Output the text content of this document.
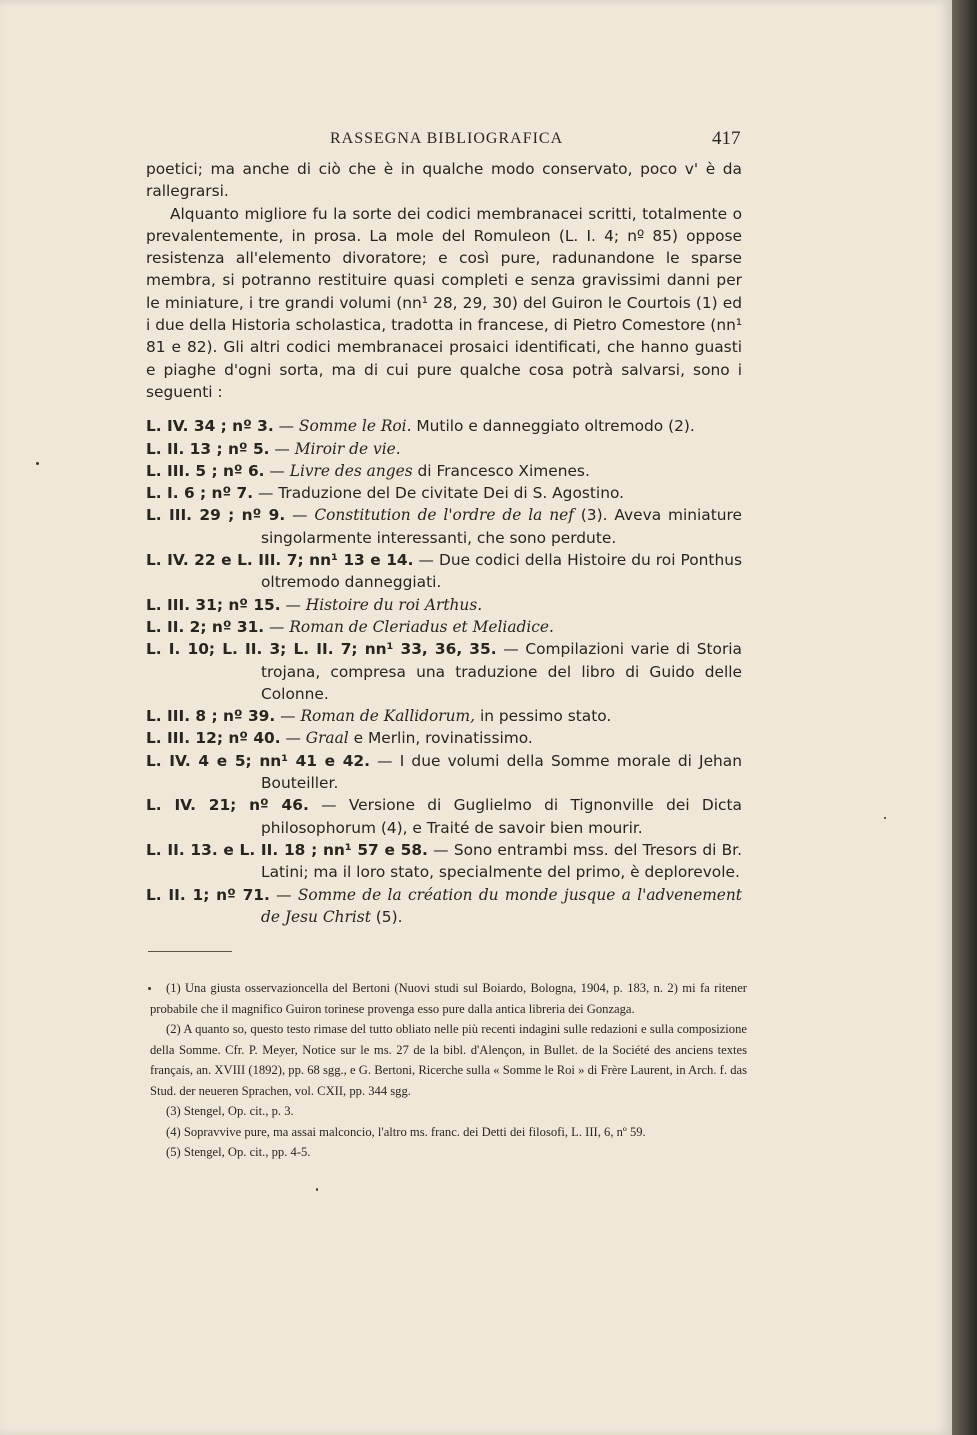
RASSEGNA BIBLIOGRAFICA	417

poetici; ma anche di ciò che è in qualche modo conservato, poco v' è da rallegrarsi.

Alquanto migliore fu la sorte dei codici membranacei scritti, totalmente o prevalentemente, in prosa. La mole del Romuleon (L. I. 4; nº 85) oppose resistenza all'elemento divoratore; e così pure, radunandone le sparse membra, si potranno restituire quasi completi e senza gravissimi danni per le miniature, i tre grandi volumi (nn¹ 28, 29, 30) del Guiron le Courtois (1) ed i due della Historia scholastica, tradotta in francese, di Pietro Comestore (nn¹ 81 e 82). Gli altri codici membranacei prosaici identificati, che hanno guasti e piaghe d'ogni sorta, ma di cui pure qualche cosa potrà salvarsi, sono i seguenti :

L. IV. 34 ; nº 3. — Somme le Roi. Mutilo e danneggiato oltremodo (2).

L. II. 13 ; nº 5. — Miroir de vie.

L. III. 5 ; nº 6. — Livre des anges di Francesco Ximenes.

L. I. 6 ; nº 7. — Traduzione del De civitate Dei di S. Agostino.

L. III. 29 ; nº 9. — Constitution de l'ordre de la nef (3). Aveva miniature singolarmente interessanti, che sono perdute.

L. IV. 22 e L. III. 7; nn¹ 13 e 14. — Due codici della Histoire du roi Ponthus oltremodo danneggiati.

L. III. 31; nº 15. — Histoire du roi Arthus.

L. II. 2; nº 31. — Roman de Cleriadus et Meliadice.

L. I. 10; L. II. 3; L. II. 7; nn¹ 33, 36, 35. — Compilazioni varie di Storia trojana, compresa una traduzione del libro di Guido delle Colonne.

L. III. 8 ; nº 39. — Roman de Kallidorum, in pessimo stato.

L. III. 12; nº 40. — Graal e Merlin, rovinatissimo.

L. IV. 4 e 5; nn¹ 41 e 42. — I due volumi della Somme morale di Jehan Bouteiller.

L. IV. 21; nº 46. — Versione di Guglielmo di Tignonville dei Dicta philosophorum (4), e Traité de savoir bien mourir.

L. II. 13. e L. II. 18 ; nn¹ 57 e 58. — Sono entrambi mss. del Tresors di Br. Latini; ma il loro stato, specialmente del primo, è deplorevole.

L. II. 1; nº 71. — Somme de la création du monde jusque a l'advenement de Jesu Christ (5).

(1) Una giusta osservazioncella del Bertoni (Nuovi studi sul Boiardo, Bologna, 1904, p. 183, n. 2) mi fa ritener probabile che il magnifico Guiron torinese provenga esso pure dalla antica libreria dei Gonzaga.

(2) A quanto so, questo testo rimase del tutto obliato nelle più recenti indagini sulle redazioni e sulla composizione della Somme. Cfr. P. Meyer, Notice sur le ms. 27 de la bibl. d'Alençon, in Bullet. de la Société des anciens textes français, an. XVIII (1892), pp. 68 sgg., e G. Bertoni, Ricerche sulla « Somme le Roi » di Frère Laurent, in Arch. f. das Stud. der neueren Sprachen, vol. CXII, pp. 344 sgg.

(3) Stengel, Op. cit., p. 3.

(4) Sopravvive pure, ma assai malconcio, l'altro ms. franc. dei Detti dei filosofi, L. III, 6, nº 59.

(5) Stengel, Op. cit., pp. 4-5.
